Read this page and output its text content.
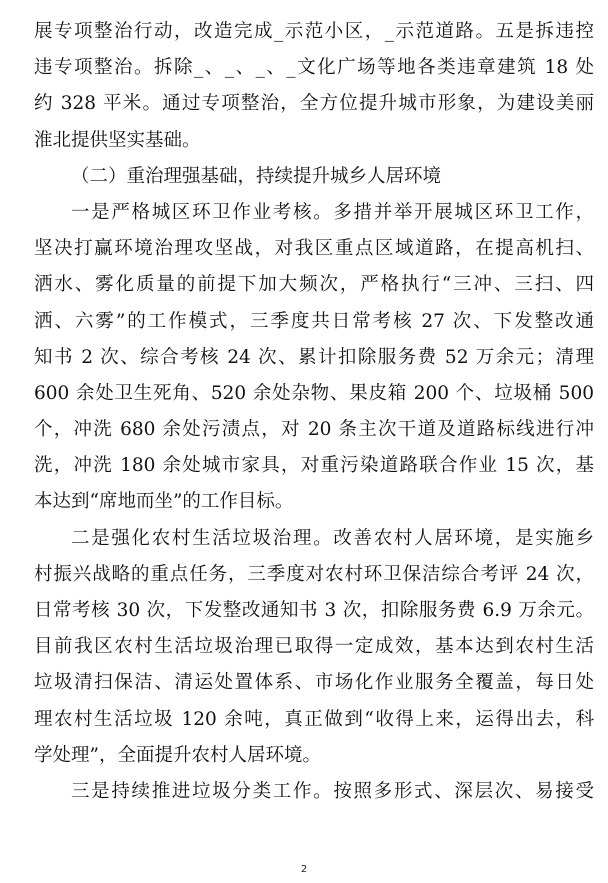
展专项整治行动，改造完成_示范小区，_示范道路。五是拆违控
违专项整治。拆除_、_、_、_文化广场等地各类违章建筑 18 处
约 328 平米。通过专项整治，全方位提升城市形象，为建设美丽
淮北提供坚实基础。
（二）重治理强基础，持续提升城乡人居环境
一是严格城区环卫作业考核。多措并举开展城区环卫工作，
坚决打赢环境治理攻坚战，对我区重点区域道路，在提高机扫、
洒水、雾化质量的前提下加大频次，严格执行“三冲、三扫、四
洒、六雾”的工作模式，三季度共日常考核 27 次、下发整改通
知书 2 次、综合考核 24 次、累计扣除服务费 52 万余元；清理
600 余处卫生死角、520 余处杂物、果皮箱 200 个、垃圾桶 500
个，冲洗 680 余处污渍点，对 20 条主次干道及道路标线进行冲
洗，冲洗 180 余处城市家具，对重污染道路联合作业 15 次，基
本达到“席地而坐”的工作目标。
二是强化农村生活垃圾治理。改善农村人居环境，是实施乡
村振兴战略的重点任务，三季度对农村环卫保洁综合考评 24 次，
日常考核 30 次，下发整改通知书 3 次，扣除服务费 6.9 万余元。
目前我区农村生活垃圾治理已取得一定成效，基本达到农村生活
垃圾清扫保洁、清运处置体系、市场化作业服务全覆盖，每日处
理农村生活垃圾 120 余吨，真正做到“收得上来，运得出去，科
学处理”，全面提升农村人居环境。
三是持续推进垃圾分类工作。按照多形式、深层次、易接受
2
